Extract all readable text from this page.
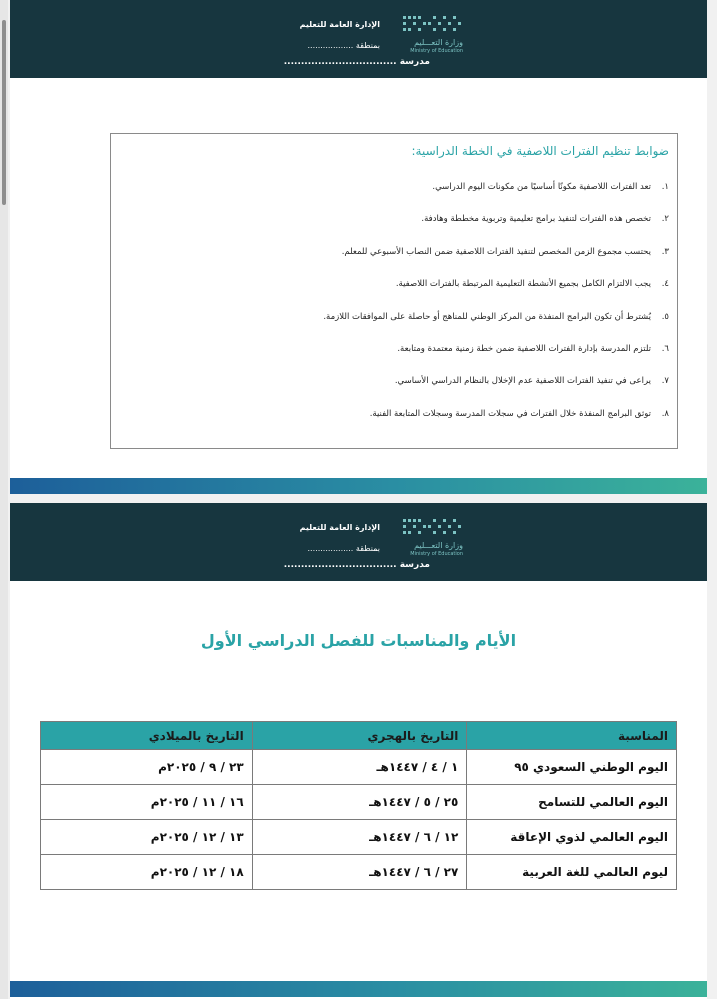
وزارة التعـــليم
Ministry of Education
الإدارة العامة للتعليم
بمنطقة ..................
مدرسة .................................
ضوابط تنظيم الفترات اللاصفية في الخطة الدراسية:
١.تعد الفترات اللاصفية مكونًا أساسيًا من مكونات اليوم الدراسي.
٢.تخصص هذه الفترات لتنفيذ برامج تعليمية وتربوية مخططة وهادفة.
٣.يحتسب مجموع الزمن المخصص لتنفيذ الفترات اللاصفية ضمن النصاب الأسبوعي للمعلم.
٤.يجب الالتزام الكامل بجميع الأنشطة التعليمية المرتبطة بالفترات اللاصفية.
٥.يُشترط أن تكون البرامج المنفذة من المركز الوطني للمناهج أو حاصلة على الموافقات اللازمة.
٦.تلتزم المدرسة بإدارة الفترات اللاصفية ضمن خطة زمنية معتمدة ومتابعة.
٧.يراعى في تنفيذ الفترات اللاصفية عدم الإخلال بالنظام الدراسي الأساسي.
٨.توثق البرامج المنفذة خلال الفترات في سجلات المدرسة وسجلات المتابعة الفنية.
وزارة التعـــليم
Ministry of Education
الإدارة العامة للتعليم
بمنطقة ..................
مدرسة .................................
الأيام والمناسبات للفصل الدراسي الأول
المناسبة	التاريخ بالهجري	التاريخ بالميلادي
اليوم الوطني السعودي ٩٥	١ / ٤ / ١٤٤٧هـ	٢٣ / ٩ / ٢٠٢٥م
اليوم العالمي للتسامح	٢٥ / ٥ / ١٤٤٧هـ	١٦ / ١١ / ٢٠٢٥م
اليوم العالمي لذوي الإعاقة	١٢ / ٦ / ١٤٤٧هـ	١٣ / ١٢ / ٢٠٢٥م
ليوم العالمي للغة العربية	٢٧ / ٦ / ١٤٤٧هـ	١٨ / ١٢ / ٢٠٢٥م
